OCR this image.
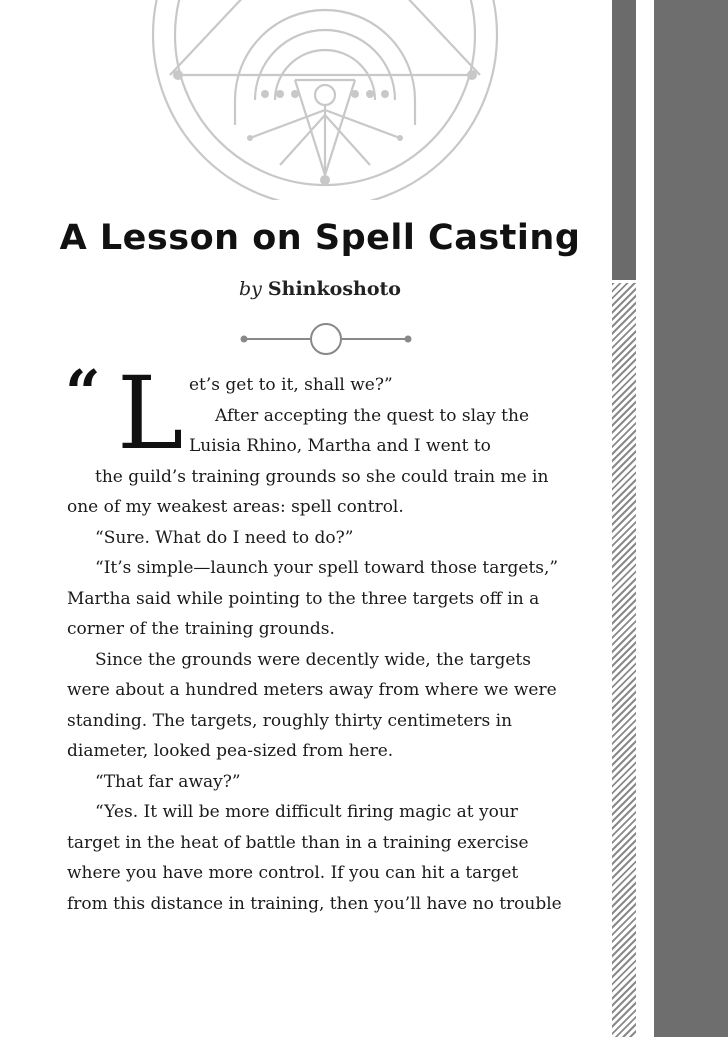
A Lesson on Spell Casting
by Shinkoshoto
“ L et’s get to it, shall we?”
After accepting the quest to slay the
Luisia Rhino, Martha and I went to
the guild’s training grounds so she could train me in
one of my weakest areas: spell control.
“Sure. What do I need to do?”
“It’s simple—launch your spell toward those targets,”
Martha said while pointing to the three targets off in a
corner of the training grounds.
Since the grounds were decently wide, the targets
were about a hundred meters away from where we were
standing. The targets, roughly thirty centimeters in
diameter, looked pea-sized from here.
“That far away?”
“Yes. It will be more difficult firing magic at your
target in the heat of battle than in a training exercise
where you have more control. If you can hit a target
from this distance in training, then you’ll have no trouble
